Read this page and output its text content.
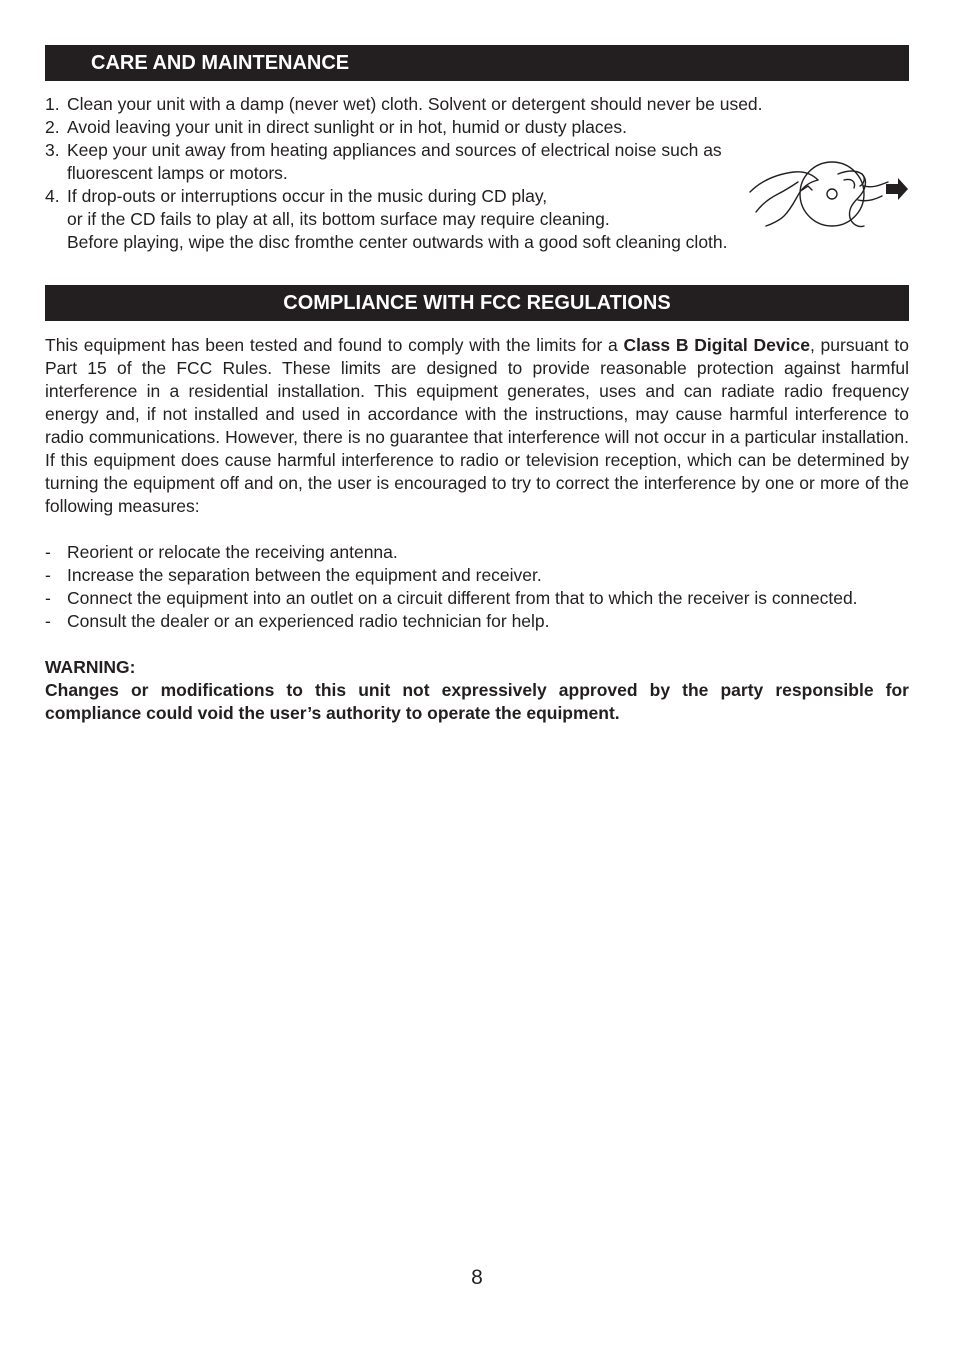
CARE AND MAINTENANCE
1. Clean your unit with a damp (never wet) cloth. Solvent or detergent should never be used.

2. Avoid leaving your unit in direct sunlight or in hot, humid or dusty places.

3. Keep your unit away from heating appliances and sources of electrical noise such as

fluorescent lamps or motors.

4. If drop-outs or interruptions occur in the music during CD play,

or if the CD fails to play at all, its bottom surface may require cleaning.

Before playing, wipe the disc fromthe center outwards with a good soft cleaning cloth.

COMPLIANCE WITH FCC REGULATIONS

This equipment has been tested and found to comply with the limits for a Class B Digital Device, pursuant to Part 15 of the FCC Rules. These limits are designed to provide reasonable protection against harmful interference in a residential installation. This equipment generates, uses and can radiate radio frequency energy and, if not installed and used in accordance with the instructions, may cause harmful interference to radio communications. However, there is no guarantee that interference will not occur in a particular installation. If this equipment does cause harmful interference to radio or television reception, which can be determined by turning the equipment off and on, the user is encouraged to try to correct the interference by one or more of the following measures:

- Reorient or relocate the receiving antenna.
- Increase the separation between the equipment and receiver.
- Connect the equipment into an outlet on a circuit different from that to which the receiver is connected.
- Consult the dealer or an experienced radio technician for help.
WARNING:
Changes or modifications to this unit not expressively approved by the party responsible for compliance could void the user’s authority to operate the equipment.
8
